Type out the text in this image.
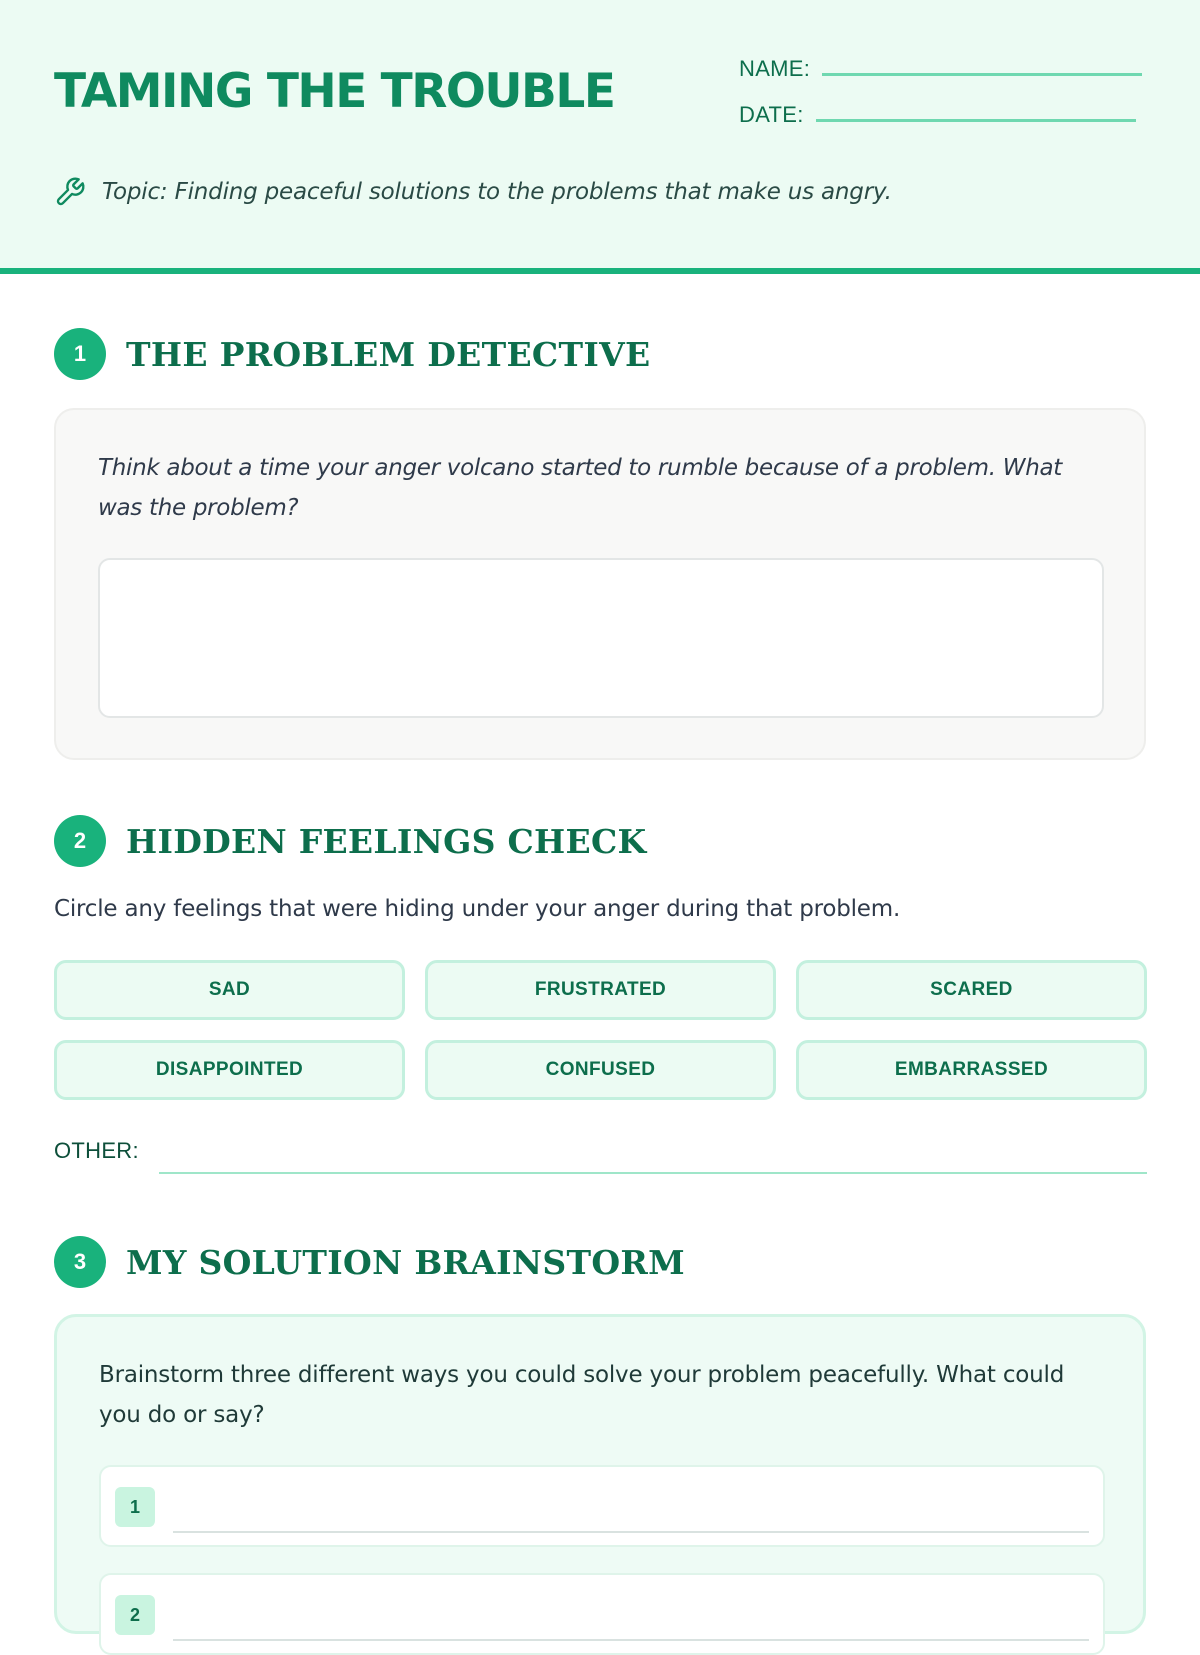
TAMING THE TROUBLE	NAME:
DATE:
Topic: Finding peaceful solutions to the problems that make us angry.
1	THE PROBLEM DETECTIVE
Think about a time your anger volcano started to rumble because of a problem. What was the problem?
2	HIDDEN FEELINGS CHECK
Circle any feelings that were hiding under your anger during that problem.
SAD	FRUSTRATED	SCARED
DISAPPOINTED	CONFUSED	EMBARRASSED
OTHER:
3	MY SOLUTION BRAINSTORM
Brainstorm three different ways you could solve your problem peacefully. What could you do or say?
1
2
